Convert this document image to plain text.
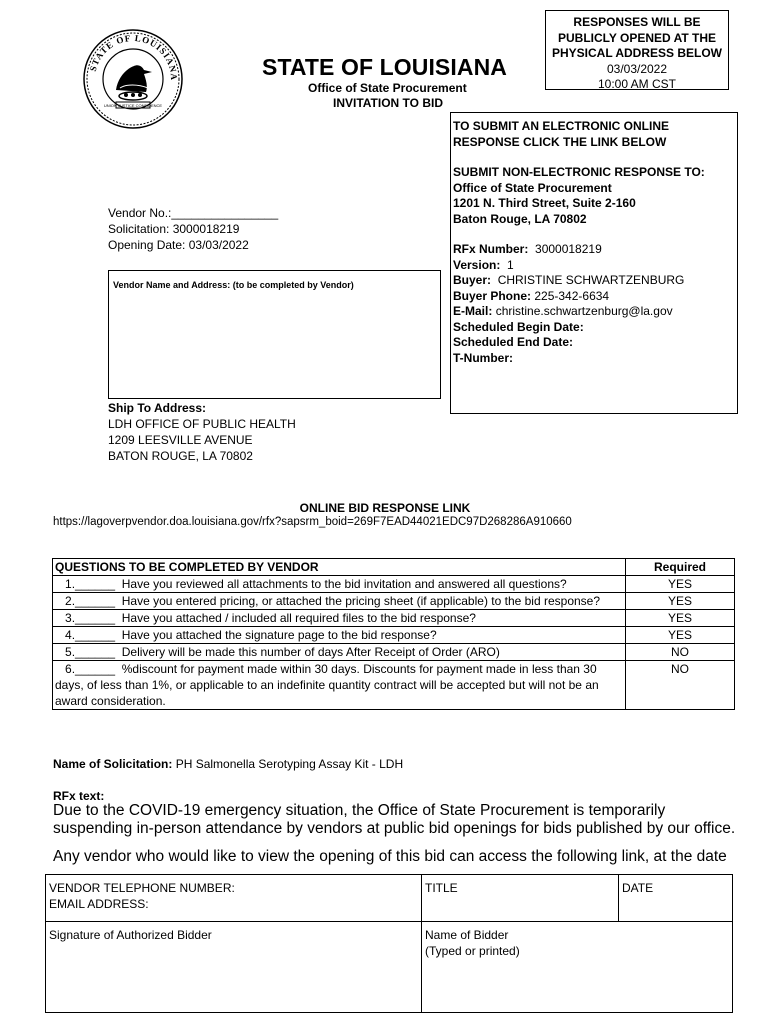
STATE OF LOUISIANA
UNION JUSTICE CONFIDENCE
STATE OF LOUISIANA
Office of State Procurement
INVITATION TO BID
RESPONSES WILL BE
PUBLICLY OPENED AT THE
PHYSICAL ADDRESS BELOW
03/03/2022
10:00 AM CST
TO SUBMIT AN ELECTRONIC ONLINE
RESPONSE CLICK THE LINK BELOW
SUBMIT NON-ELECTRONIC RESPONSE TO:
Office of State Procurement
1201 N. Third Street, Suite 2-160
Baton Rouge, LA 70802
RFx Number: 3000018219
Version: 1
Buyer: CHRISTINE SCHWARTZENBURG
Buyer Phone: 225-342-6634
E-Mail: christine.schwartzenburg@la.gov
Scheduled Begin Date:
Scheduled End Date:
T-Number:
Vendor No.:________________
Solicitation: 3000018219
Opening Date: 03/03/2022
Vendor Name and Address: (to be completed by Vendor)
Ship To Address:
LDH OFFICE OF PUBLIC HEALTH
1209 LEESVILLE AVENUE
BATON ROUGE, LA 70802
ONLINE BID RESPONSE LINK
https://lagoverpvendor.doa.louisiana.gov/rfx?sapsrm_boid=269F7EAD44021EDC97D268286A910660
QUESTIONS TO BE COMPLETED BY VENDOR	Required
1.______  Have you reviewed all attachments to the bid invitation and answered all questions?	YES
2.______  Have you entered pricing, or attached the pricing sheet (if applicable) to the bid response?	YES
3.______  Have you attached / included all required files to the bid response?	YES
4.______  Have you attached the signature page to the bid response?	YES
5.______  Delivery will be made this number of days After Receipt of Order (ARO)	NO
6.______  %discount for payment made within 30 days. Discounts for payment made in less than 30 days, of less than 1%, or applicable to an indefinite quantity contract will be accepted but will not be an award consideration.	NO
Name of Solicitation: PH Salmonella Serotyping Assay Kit - LDH
RFx text:
Due to the COVID-19 emergency situation, the Office of State Procurement is temporarily suspending in-person attendance by vendors at public bid openings for bids published by our office.
Any vendor who would like to view the opening of this bid can access the following link, at the date
VENDOR TELEPHONE NUMBER:
EMAIL ADDRESS:	TITLE	DATE

Signature of Authorized Bidder	Name of Bidder
(Typed or printed)	
